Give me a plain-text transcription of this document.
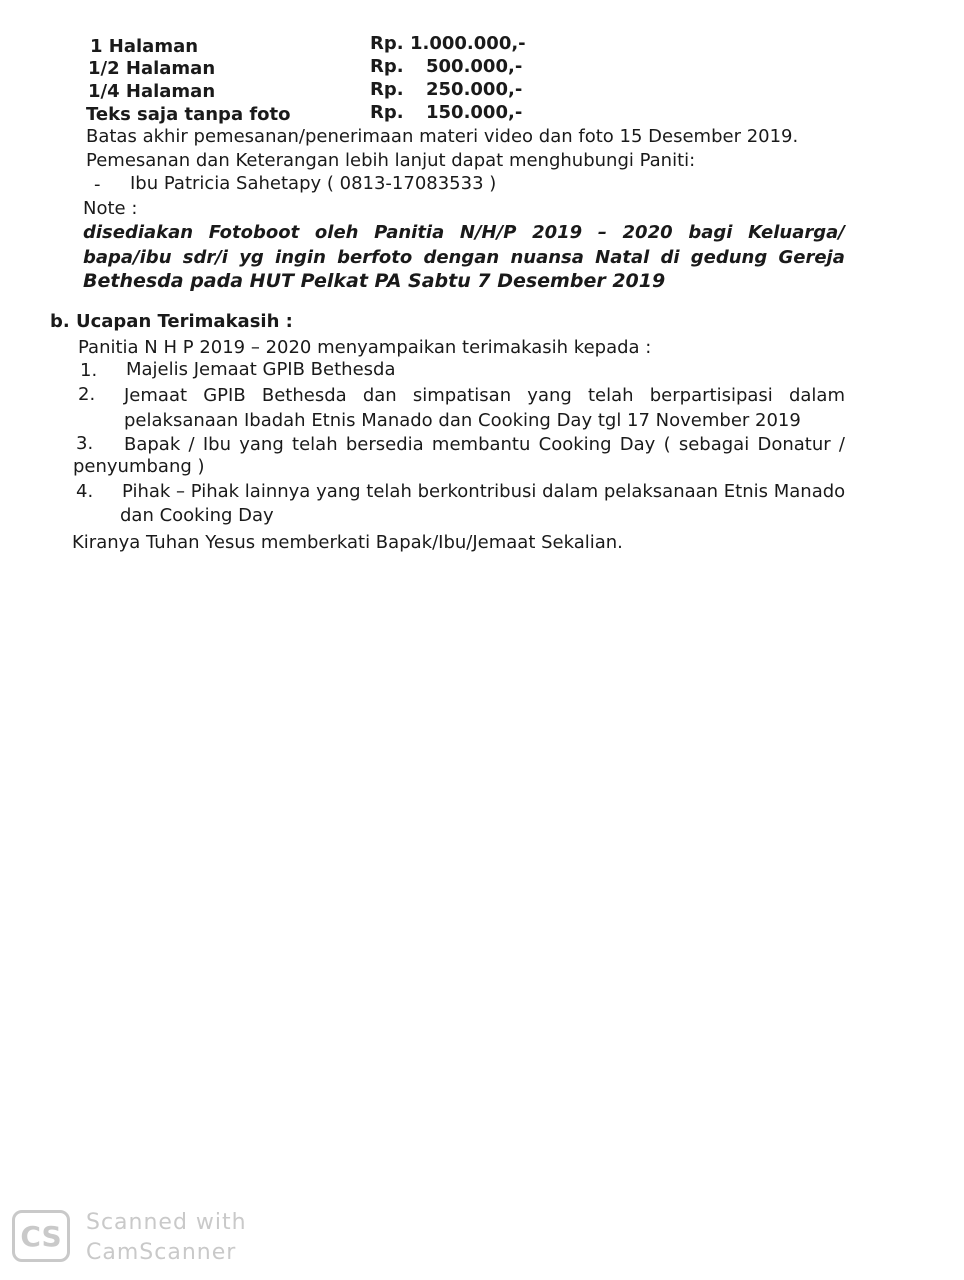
1 Halaman	Rp. 1.000.000,-
1/2 Halaman	Rp. 500.000,-
1/4 Halaman	Rp. 250.000,-
Teks saja tanpa foto	Rp. 150.000,-
Batas akhir pemesanan/penerimaan materi video dan foto 15 Desember 2019.
Pemesanan dan Keterangan lebih lanjut dapat menghubungi Paniti:
- Ibu Patricia Sahetapy ( 0813-17083533 )
Note :
disediakan Fotoboot oleh Panitia N/H/P 2019 – 2020 bagi Keluarga/
bapa/ibu sdr/i yg ingin berfoto dengan nuansa Natal di gedung Gereja
Bethesda pada HUT Pelkat PA Sabtu 7 Desember 2019
b. Ucapan Terimakasih :
Panitia N H P 2019 – 2020 menyampaikan terimakasih kepada :
1. Majelis Jemaat GPIB Bethesda
2. Jemaat GPIB Bethesda dan simpatisan yang telah berpartisipasi dalam
pelaksanaan Ibadah Etnis Manado dan Cooking Day tgl 17 November 2019
3. Bapak / Ibu yang telah bersedia membantu Cooking Day ( sebagai Donatur /
penyumbang )
4. Pihak – Pihak lainnya yang telah berkontribusi dalam pelaksanaan Etnis Manado
dan Cooking Day
Kiranya Tuhan Yesus memberkati Bapak/Ibu/Jemaat Sekalian.
CS Scanned with
CamScanner
